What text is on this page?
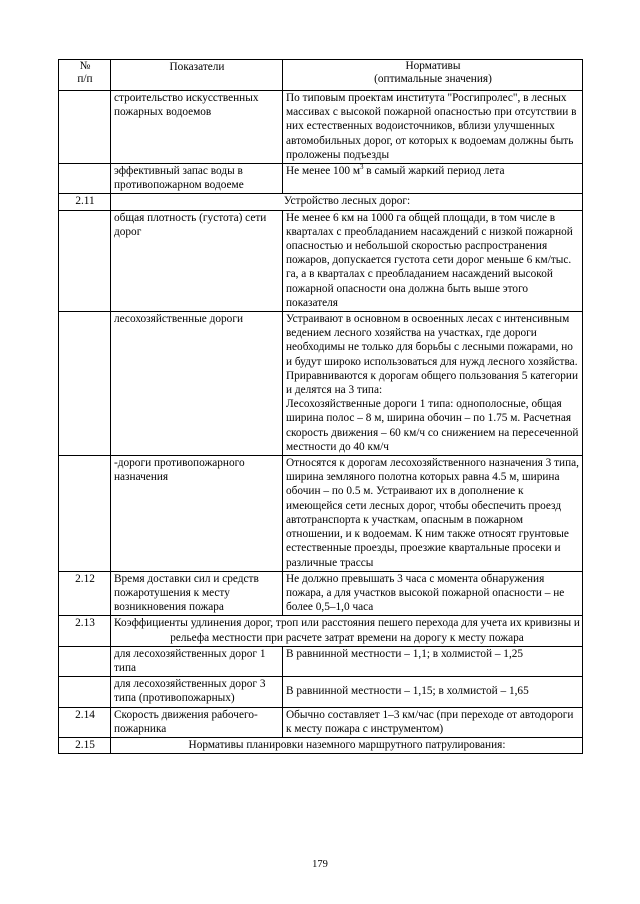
№
п/п	Показатели	Нормативы
(оптимальные значения)
	строительство искусственных пожарных водоемов	По типовым проектам института "Росгипролес", в лесных массивах с высокой пожарной опасностью при отсутствии в них естественных водоисточников, вблизи улучшенных автомобильных дорог, от которых к водоемам должны быть проложены подъезды
	эффективный запас воды в противопожарном водоеме	Не менее 100 $м^3$ в самый жаркий период лета
2.11	Устройство лесных дорог:	
	общая плотность (густота) сети дорог	Не менее 6 км на 1000 га общей площади, в том числе в кварталах с преобладанием насаждений с низкой пожарной опасностью и небольшой скоростью распространения пожаров, допускается густота сети дорог меньше 6 км/тыс. га, а в кварталах с преобладанием насаждений высокой пожарной опасности она должна быть выше этого показателя
	лесохозяйственные дороги	Устраивают в основном в освоенных лесах с интенсивным ведением лесного хозяйства на участках, где дороги необходимы не только для борьбы с лесными пожарами, но и будут широко использоваться для нужд лесного хозяйства. Приравниваются к дорогам общего пользования 5 категории и делятся на 3 типа:
Лесохозяйственные дороги 1 типа: однополосные, общая ширина полос – 8 м, ширина обочин – по 1.75 м. Расчетная скорость движения – 60 км/ч со снижением на пересеченной местности до 40 км/ч
	-дороги противопожарного назначения	Относятся к дорогам лесохозяйственного назначения 3 типа, ширина земляного полотна которых равна 4.5 м, ширина обочин – по 0.5 м. Устраивают их в дополнение к имеющейся сети лесных дорог, чтобы обеспечить проезд автотранспорта к участкам, опасным в пожарном отношении, и к водоемам. К ним также относят грунтовые естественные проезды, проезжие квартальные просеки и различные трассы
2.12	Время доставки сил и средств пожаротушения к месту возникновения пожара	Не должно превышать 3 часа с момента обнаружения пожара, а для участков высокой пожарной опасности – не более 0,5–1,0 часа
2.13	Коэффициенты удлинения дорог, троп или расстояния пешего перехода для учета их кривизны и рельефа местности при расчете затрат времени на дорогу к месту пожара	
	для лесохозяйственных дорог 1 типа	В равнинной местности – 1,1; в холмистой – 1,25
	для лесохозяйственных дорог 3 типа (противопожарных)	В равнинной местности – 1,15; в холмистой – 1,65
2.14	Скорость движения рабочего-пожарника	Обычно составляет 1–3 км/час (при переходе от автодороги к месту пожара с инструментом)
2.15	Нормативы планировки наземного маршрутного патрулирования:	
179
